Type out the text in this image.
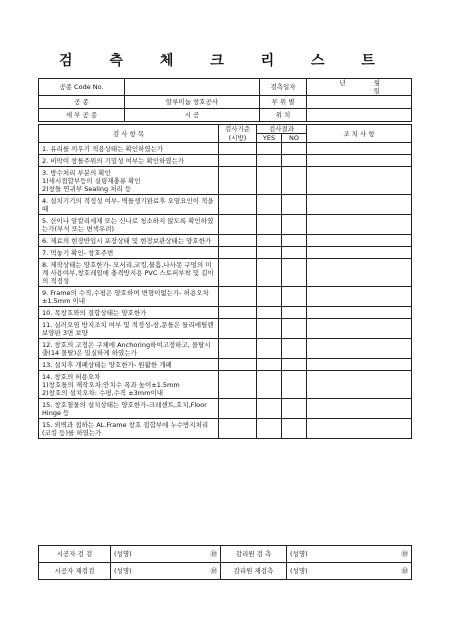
검 측 체 크 리 스 트
공종 Code No.		검측일자	년 월일
공 종	알루미늄 창호공사	부 위 별	
세 부 공 종	시 공	위 치	
검 사 항 목	검사기준	검사결과		조 치 사 항
	(시방)	YES	NO	
1. 유리를 끼우기 적용상태는 확인하였는가				
2. 비막이 창틀주위의 기밀성 여부는 확인하였는가				
3. 방수처리 부분의 확인
1)새시접합부등의 실링재충류 확인
2)창틀 연귀부 Sealing 처리 등				
4. 설치기기의 적정성 여부- 벽틀생기완료후 오염요인이 적을때				
5. 산이나 알칼리세제 또는 신나로 청소하지 않도록 확인하였는가(부식 또는 변색우려)				
6. 제료의 현장반입시 포장상태 및 현장보관상태는 양호한가				
7. 먹놓기 확인- 창호주변				
8. 제작상태는 양호한가- 모서리,코킹,물흠,나사못 구멍의 미계 사용여부,창호레일에 충격방지용 PVC 스토퍼부착 및 길이의 적정성				
9. Frame의 수직,수평은 양호하며 변형이없는가- 허용오차 ±1.5mm 이내				
10. 목창호와의 결합상태는 양호한가				
11. 실러오염 방지조치 여부 및 적정성-창,문틀은 틀리에틸렌 보양판 3면 보양				
12. 창호의 고정은 구체에 Anchoring하여고정하고, 몰탈시출(14 몰탈)은 밀실하게 하였는가				
13. 설치후 개폐상태는 양호한가- 원활한 개폐				
14. 창호의 허용오차
1)창호틀의 제작오차:안치수 폭과 높이±1.5mm
2)창호의 설치오차: 수평,수직 ±3mm이내				
15. 창호철물의 설치상태는 양호한가-크레센트,호치,Floor Hinge 등				
15. 외벽과 접하는 AL.Frame 창호 접합부에 누수방지처리(코킹 등)를 하였는가				
시공자 검 검	(성명) ㊞	감리원 검 측	(성명) ㊞

시공자 재검검	(성명) ㊞	감리원 재검측	(성명) ㊞
